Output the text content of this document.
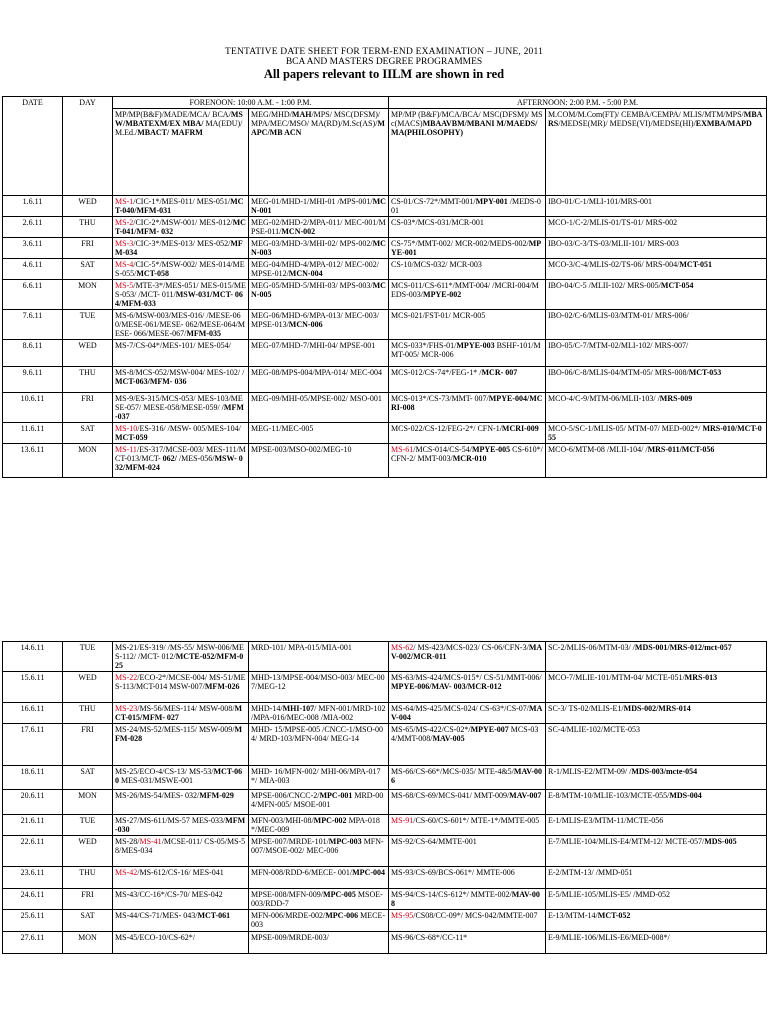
TENTATIVE DATE SHEET FOR TERM-END EXAMINATION – JUNE, 2011
BCA AND MASTERS DEGREE PROGRAMMES
All papers relevant to IILM are shown in red
DATE	DAY	FORENOON: 10:00 A.M. - 1:00 P.M.		AFTERNOON: 2:00 P.M. - 5:00 P.M.	
		MP/MP(B&F)/MADE/MCA/ BCA/MSW/MBATEXM/EX MBA/ MA(EDU)/M.Ed./MBACT/ MAFRM	MEG/MHD/MAH/MPS/ MSC(DFSM)/MPA/MEC/MSO/ MA(RD)/M.Sc(AS)/MAPC/MB ACN	MP/MP (B&F)/MCA/BCA/ MSC(DFSM)/ MSc(MACS)MBAAVBM/MBANI M/MAEDS/MA(PHILOSOPHY)	M.COM/M.Com(FT)/ CEMBA/CEMPA/ MLIS/MTM/MPS/MBARS/MEDSE(MR)/ MEDSE(VI)/MEDSE(HI)/EXMBA/MAPD
1.6.11	WED	MS-1/CIC-1*/MES-011/ MES-051/MCT-040/MFM-031	MEG-01/MHD-1/MHI-01 /MPS-001/MCN-001	CS-01/CS-72*/MMT-001/MPY-001 /MEDS-001	IBO-01/C-1/MLI-101/MRS-001
2.6.11	THU	MS-2/CIC-2*/MSW-001/ MES-012/MCT-041/MFM- 032	MEG-02/MHD-2/MPA-011/ MEC-001/MPSE-011/MCN-002	CS-03*/MCS-031/MCR-001	MCO-1/C-2/MLIS-01/TS-01/ MRS-002
3.6.11	FRI	MS-3/CIC-3*/MES-013/ MES-052/MFM-034	MEG-03/MHD-3/MHI-02/ MPS-002/MCN-003	CS-75*/MMT-002/ MCR-002/MEDS-002/MPYE-001	IBO-03/C-3/TS-03/MLII-101/ MRS-003
4.6.11	SAT	MS-4/CIC-5*/MSW-002/ MES-014/MES-055/MCT-058	MEG-04/MHD-4/MPA-012/ MEC-002/MPSE-012/MCN-004	CS-10/MCS-032/ MCR-003	MCO-3/C-4/MLIS-02/TS-06/ MRS-004/MCT-051
6.6.11	MON	MS-5/MTE-3*/MES-051/ MES-015/MES-053/ /MCT- 011/MSW-031/MCT- 064/MFM-033	MEG-05/MHD-5/MHI-03/ MPS-003/MCN-005	MCS-011/CS-611*/MMT-004/ /MCRI-004/MEDS-003/MPYE-002	IBO-04/C-5 /MLII-102/ MRS-005/MCT-054
7.6.11	TUE	MS-6/MSW-003/MES-016/ /MESE-060/MESE-061/MESE- 062/MESE-064/MESE- 066/MESE-067/MFM-035	MEG-06/MHD-6/MPA-013/ MEC-003/MPSE-013/MCN-006	MCS-021/FST-01/ MCR-005	IBO-02/C-6/MLIS-03/MTM-01/ MRS-006/
8.6.11	WED	MS-7/CS-04*/MES-101/ MES-054/	MEG-07/MHD-7/MHI-04/ MPSE-001	MCS-033*/FHS-01/MPYE-003 BSHF-101/MMT-005/ MCR-006	IBO-05/C-7/MTM-02/MLI-102/ MRS-007/
9.6.11	THU	MS-8/MCS-052/MSW-004/ MES-102/ /MCT-063/MFM- 036	MEG-08/MPS-004/MPA-014/ MEC-004	MCS-012/CS-74*/FEG-1* /MCR- 007	IBO-06/C-8/MLIS-04/MTM-05/ MRS-008/MCT-053
10.6.11	FRI	MS-9/ES-315/MCS-053/ MES-103/MESE-057/ MESE-058/MESE-059/ /MFM-037	MEG-09/MHI-05/MPSE-002/ MSO-001	MCS-013*/CS-73/MMT- 007/MPYE-004/MCRI-008	MCO-4/C-9/MTM-06/MLII-103/ /MRS-009
11.6.11	SAT	MS-10/ES-316/ /MSW- 005/MES-104/MCT-059	MEG-11/MEC-005	MCS-022/CS-12/FEG-2*/ CFN-1/MCRI-009	MCO-5/SC-1/MLIS-05/ MTM-07/ MED-002*/ MRS-010/MCT-055
13.6.11	MON	MS-11/ES-317/MCSE-003/ MES-111/MCT-013/MCT- 062/ /MES-056/MSW- 032/MFM-024	MPSE-003/MSO-002/MEG-10	MS-61/MCS-014/CS-54/MPYE-005 CS-610*/CFN-2/ MMT-003/MCR-010	MCO-6/MTM-08 /MLII-104/ /MRS-011/MCT-056
14.6.11	TUE	MS-21/ES-319/ /MS-55/ MSW-006/MES-112/ /MCT- 012/MCTE-052/MFM-025	MRD-101/ MPA-015/MIA-001	MS-62/ MS-423/MCS-023/ CS-06/CFN-3/MAV-002/MCR-011	SC-2/MLIS-06/MTM-03/ /MDS-001/MRS-012/mct-057
15.6.11	WED	MS-22/ECO-2*/MCSE-004/ MS-51/MES-113/MCT-014 MSW-007/MFM-026	MHD-13/MPSE-004/MSO-003/ MEC-007/MEG-12	MS-63/MS-424/MCS-015*/ CS-51/MMT-006/MPYE-006/MAV- 003/MCR-012	MCO-7/MLIE-101/MTM-04/ MCTE-051/MRS-013
16.6.11	THU	MS-23/MS-56/MES-114/ MSW-008/MCT-015/MFM- 027	MHD-14/MHI-107/ MFN-001/MRD-102 /MPA-016/MEC-008 /MIA-002	MS-64/MS-425/MCS-024/ CS-63*/CS-07/MAV-004	SC-3/ TS-02/MLIS-E1/MDS-002/MRS-014
17.6.11	FRI	MS-24/MS-52/MES-115/ MSW-009/MFM-028	MHD- 15/MPSE-005 /CNCC-1/MSO-004/ MRD-103/MFN-004/ MEG-14	MS-65/MS-422/CS-02*/MPYE-007 MCS-034/MMT-008/MAV-005	SC-4/MLIE-102/MCTE-053
18.6.11	SAT	MS-25/ECO-4/CS-13/ MS-53/MCT-060 MES-031/MSWE-001	MHD- 16/MFN-002/ MHI-06/MPA-017*/ MIA-003	MS-66/CS-66*/MCS-035/ MTE-4&5/MAV-006	R-1/MLIS-E2/MTM-09/ /MDS-003/mcte-054
20.6.11	MON	MS-26/MS-54/MES- 032/MFM-029	MPSE-006/CNCC-2/MPC-001 MRD-004/MFN-005/ MSOE-001	MS-68/CS-69/MCS-041/ MMT-009/MAV-007	E-8/MTM-10/MLIE-103/MCTE-055/MDS-004
21.6.11	TUE	MS-27/MS-611/MS-57 MES-033/MFM-030	MFN-003/MHI-08/MPC-002 MPA-018*/MEC-009	MS-91/CS-60/CS-601*/ MTE-1*/MMTE-005	E-1/MLIS-E3/MTM-11/MCTE-056
22.6.11	WED	MS-28/MS-41/MCSE-011/ CS-05/MS-58/MES-034	MPSE-007/MRDE-101/MPC-003 MFN-007/MSOE-002/ MEC-006	MS-92/CS-64/MMTE-001	E-7/MLIE-104/MLIS-E4/MTM-12/ MCTE-057/MDS-005
23.6.11	THU	MS-42/MS-612/CS-16/ MES-041	MFN-008/RDD-6/MECE- 001/MPC-004	MS-93/CS-69/BCS-061*/ MMTE-006	E-2/MTM-13/ /MMD-051
24.6.11	FRI	MS-43/CC-16*/CS-70/ MES-042	MPSE-008/MFN-009/MPC-005 MSOE-003/RDD-7	MS-94/CS-14/CS-612*/ MMTE-002/MAV-008	E-5/MLIE-105/MLIS-E5/ /MMD-052
25.6.11	SAT	MS-44/CS-71/MES- 043/MCT-061	MFN-006/MRDE-002/MPC-006 MECE-003	MS-95/CS08/CC-09*/ MCS-042/MMTE-007	E-13/MTM-14/MCT-052
27.6.11	MON	MS-45/ECO-10/CS-62*/	MPSE-009/MRDE-003/	MS-96/CS-68*/CC-11*	E-9/MLIE-106/MLIS-E6/MED-008*/
